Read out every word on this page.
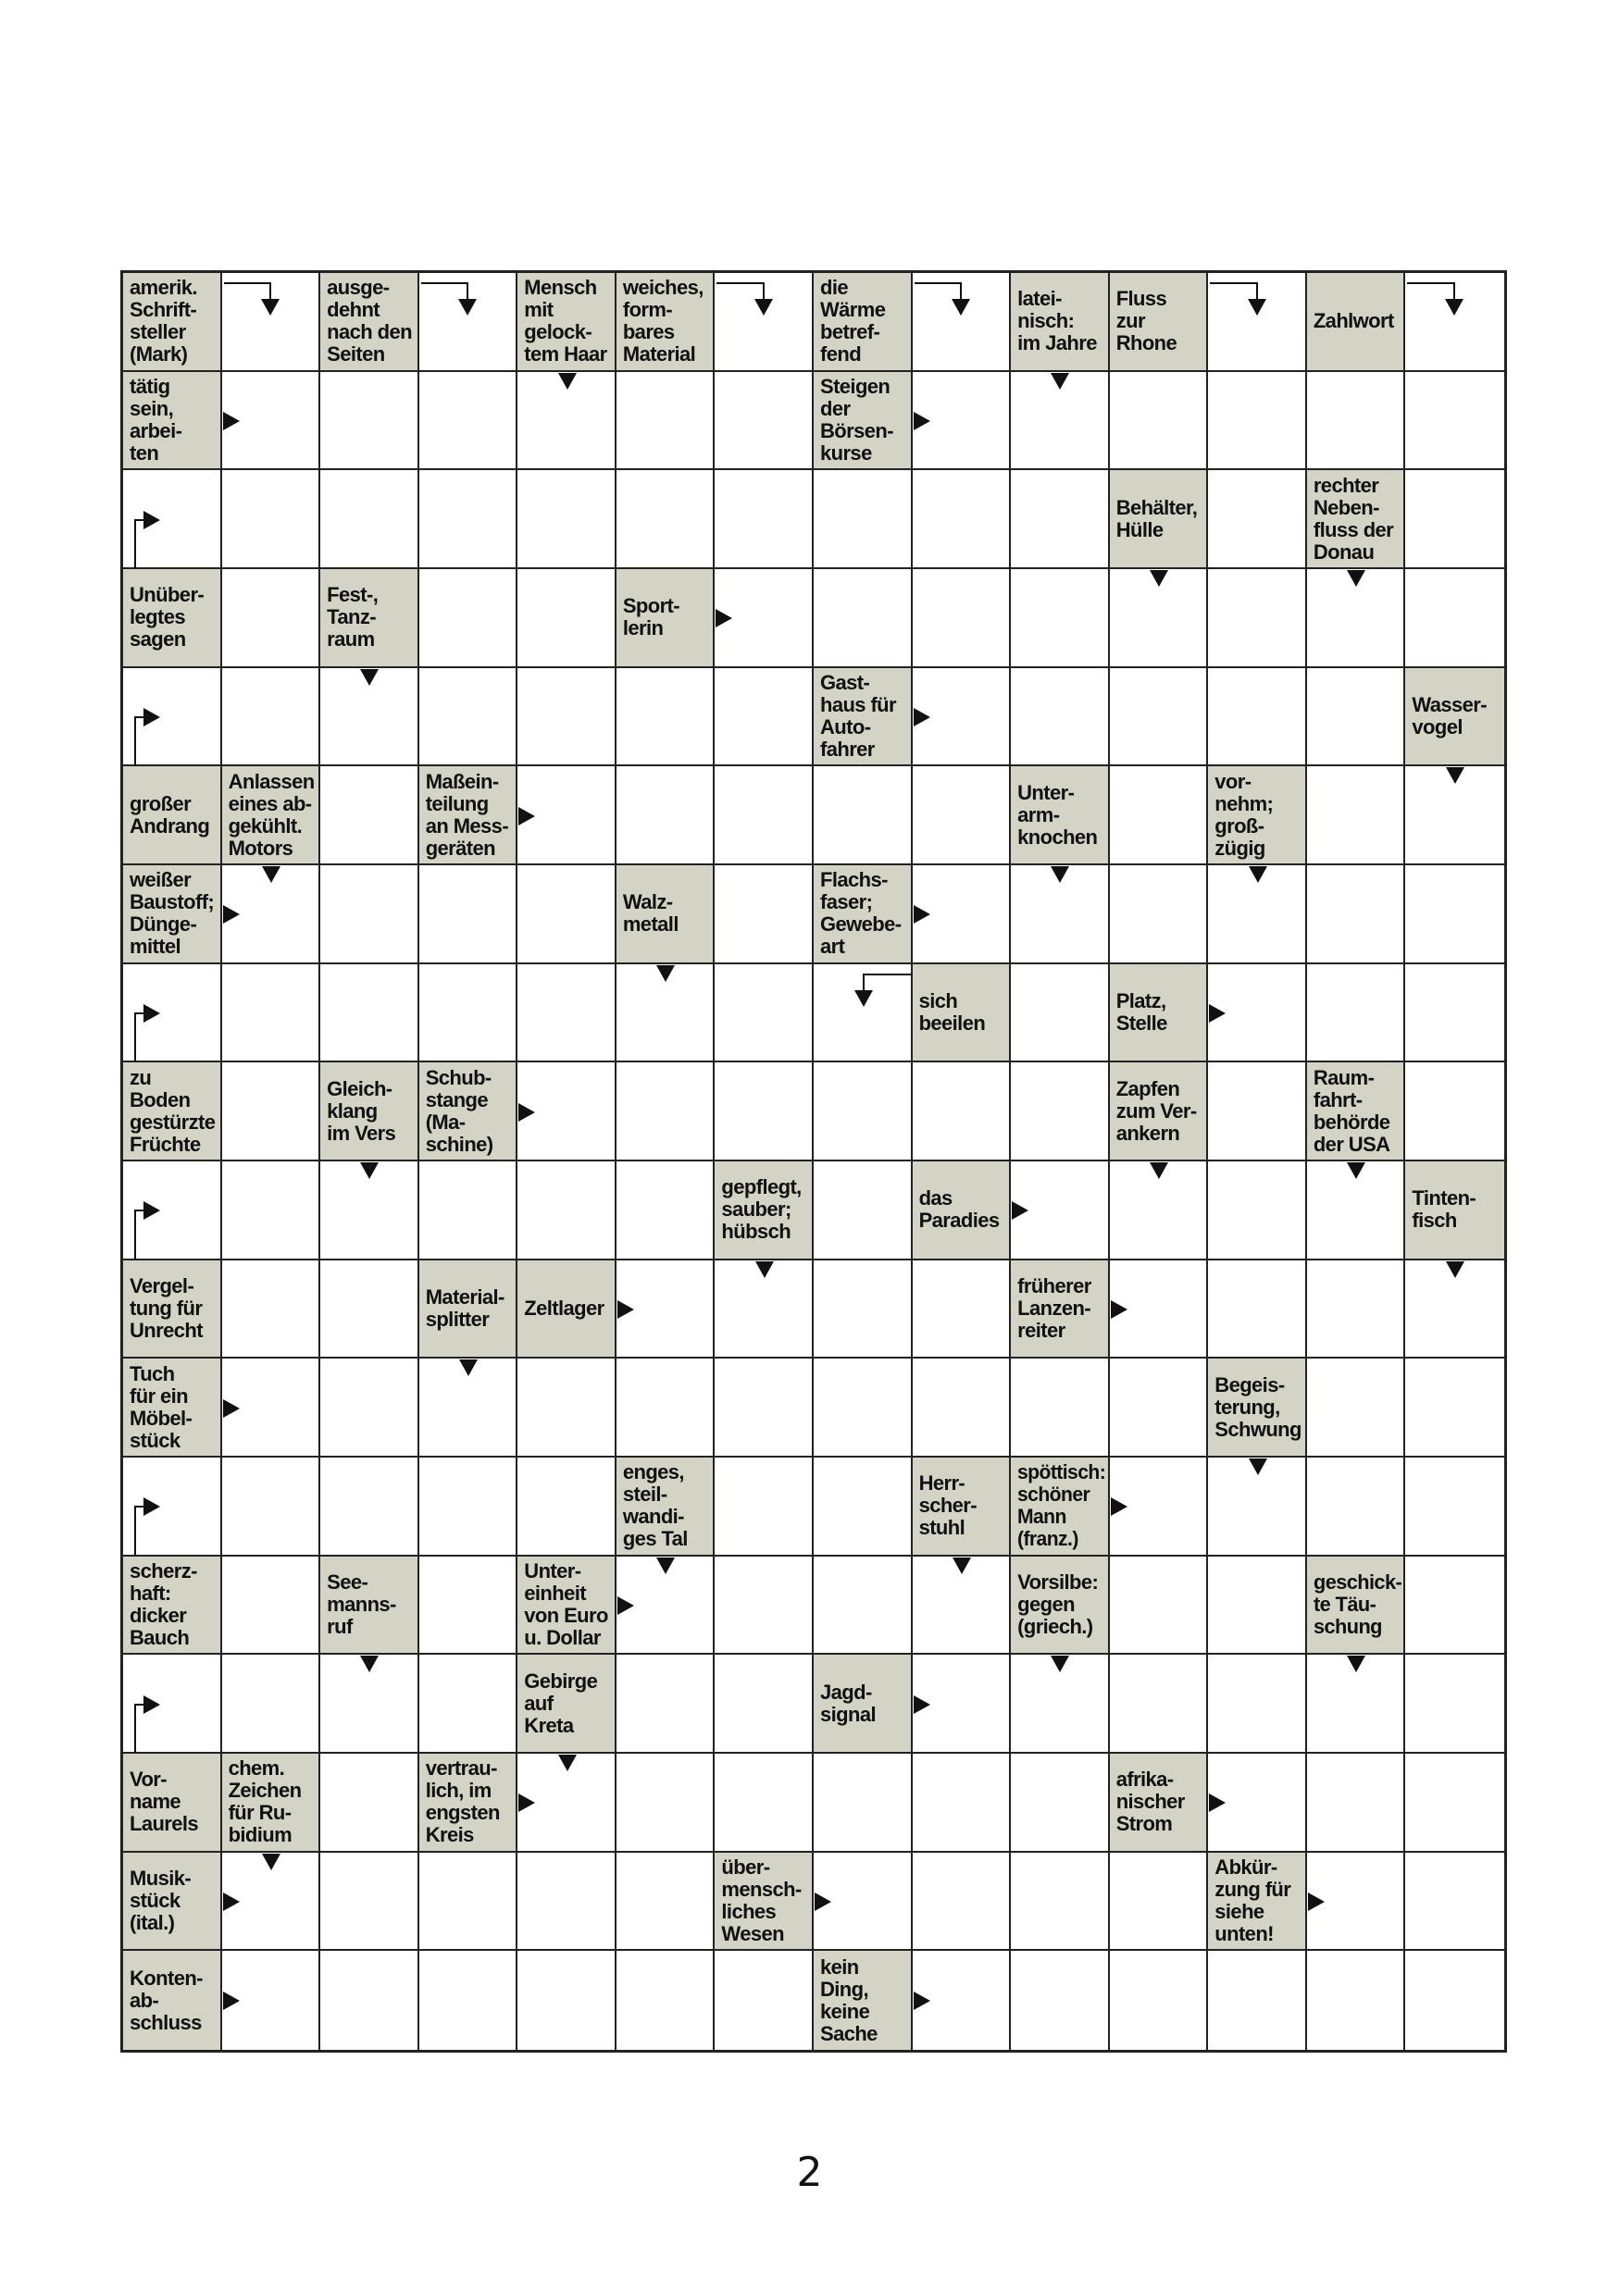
amerik.
Schrift-
steller
(Mark)
ausge-
dehnt
nach den
Seiten
Mensch
mit
gelock-
tem Haar
weiches,
form-
bares
Material
die
Wärme
betref-
fend
latei-
nisch:
im Jahre
Fluss
zur
Rhone
Zahlwort
tätig
sein,
arbei-
ten
Steigen
der
Börsen-
kurse
Behälter,
Hülle
rechter
Neben-
fluss der
Donau
Unüber-
legtes
sagen
Fest-,
Tanz-
raum
Sport-
lerin
Gast-
haus für
Auto-
fahrer
Wasser-
vogel
großer
Andrang
Anlassen
eines ab-
gekühlt.
Motors
Maßein-
teilung
an Mess-
geräten
Unter-
arm-
knochen
vor-
nehm;
groß-
zügig
weißer
Baustoff;
Dünge-
mittel
Walz-
metall
Flachs-
faser;
Gewebe-
art
sich
beeilen
Platz,
Stelle
zu
Boden
gestürzte
Früchte
Gleich-
klang
im Vers
Schub-
stange
(Ma-
schine)
Zapfen
zum Ver-
ankern
Raum-
fahrt-
behörde
der USA
gepflegt,
sauber;
hübsch
das
Paradies
Tinten-
fisch
Vergel-
tung für
Unrecht
Material-
splitter	Zeltlager
früherer
Lanzen-
reiter
Tuch
für ein
Möbel-
stück
Begeis-
terung,
Schwung
enges,
steil-
wandi-
ges Tal
Herr-
scher-
stuhl
spöttisch:
schöner
Mann
(franz.)
scherz-
haft:
dicker
Bauch
See-
manns-
ruf
Unter-
einheit
von Euro
u. Dollar
Vorsilbe:
gegen
(griech.)
geschick-
te Täu-
schung
Gebirge
auf
Kreta
Jagd-
signal
Vor-
name
Laurels
chem.
Zeichen
für Ru-
bidium
vertrau-
lich, im
engsten
Kreis
afrika-
nischer
Strom
Musik-
stück
(ital.)
über-
mensch-
liches
Wesen
Abkür-
zung für
siehe
unten!
Konten-
ab-
schluss
kein
Ding,
keine
Sache
2
